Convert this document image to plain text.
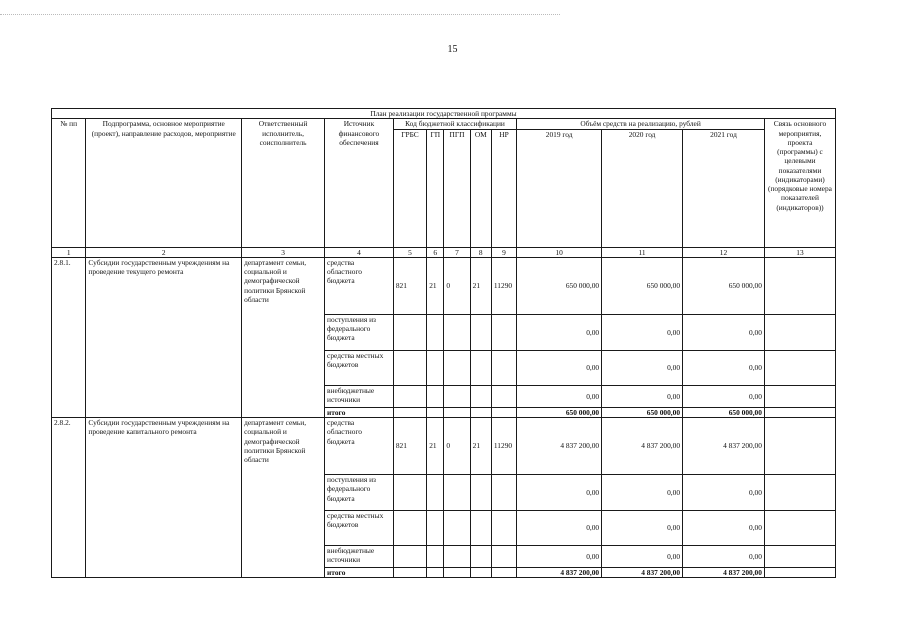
15
План реализации государственной программы												
№ пп	Подпрограмма, основное мероприятие (проект), направление расходов, мероприятие	Ответственный исполнитель, соисполнитель	Источник финансового обеспечения	Код бюджетной классификации					Объём средств на реализацию, рублей			Связь основного мероприятия, проекта (программы) с целевыми показателями (индикаторами) (порядковые номера показателей (индикаторов))
				ГРБС	ГП	ПГП	ОМ	НР	2019 год	2020 год	2021 год	
1	2	3	4	5	6	7	8	9	10	11	12	13
2.8.1.	Субсидии государственным учреждениям на проведение текущего ремонта	департамент семьи, социальной и демографической политики Брянской области	средства областного бюджета	821	21	0	21	11290	650 000,00	650 000,00	650 000,00	
			поступления из федерального бюджета						0,00	0,00	0,00	
			средства местных бюджетов						0,00	0,00	0,00	
			внебюджетные источники						0,00	0,00	0,00	
			итого						650 000,00	650 000,00	650 000,00	
2.8.2.	Субсидии государственным учреждениям на проведение капитального ремонта	департамент семьи, социальной и демографической политики Брянской области	средства областного бюджета	821	21	0	21	11290	4 837 200,00	4 837 200,00	4 837 200,00	
			поступления из федерального бюджета						0,00	0,00	0,00	
			средства местных бюджетов						0,00	0,00	0,00	
			внебюджетные источники						0,00	0,00	0,00	
			итого						4 837 200,00	4 837 200,00	4 837 200,00	
